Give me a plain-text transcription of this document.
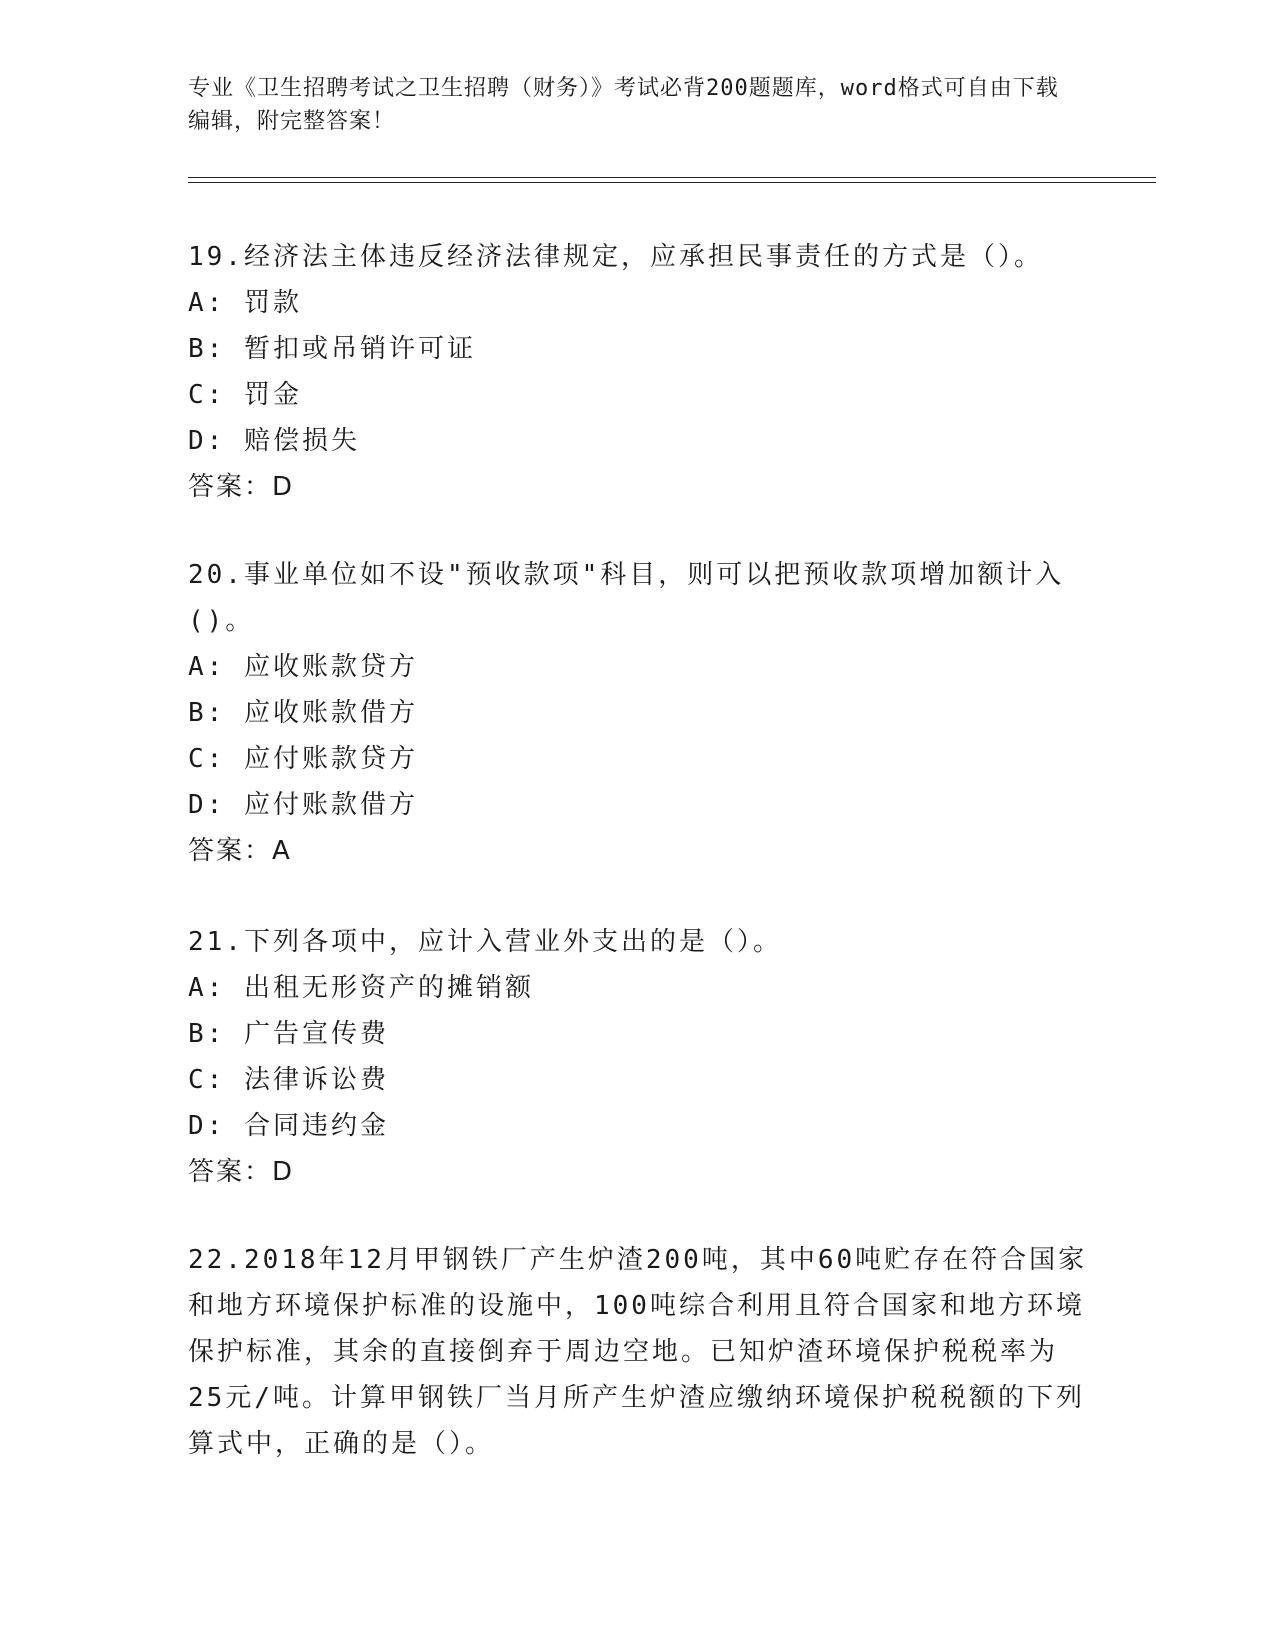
专业《卫生招聘考试之卫生招聘（财务）》考试必背200题题库，word格式可自由下载编辑，附完整答案！

19.经济法主体违反经济法律规定，应承担民事责任的方式是（）。

A: 罚款

B: 暂扣或吊销许可证

C: 罚金

D: 赔偿损失

答案：D

20.事业单位如不设"预收款项"科目，则可以把预收款项增加额计入()。

A: 应收账款贷方

B: 应收账款借方

C: 应付账款贷方

D: 应付账款借方

答案：A

21.下列各项中，应计入营业外支出的是（）。

A: 出租无形资产的摊销额

B: 广告宣传费

C: 法律诉讼费

D: 合同违约金

答案：D

22.2018年12月甲钢铁厂产生炉渣200吨，其中60吨贮存在符合国家和地方环境保护标准的设施中，100吨综合利用且符合国家和地方环境保护标准，其余的直接倒弃于周边空地。已知炉渣环境保护税税率为25元/吨。计算甲钢铁厂当月所产生炉渣应缴纳环境保护税税额的下列算式中，正确的是（）。
